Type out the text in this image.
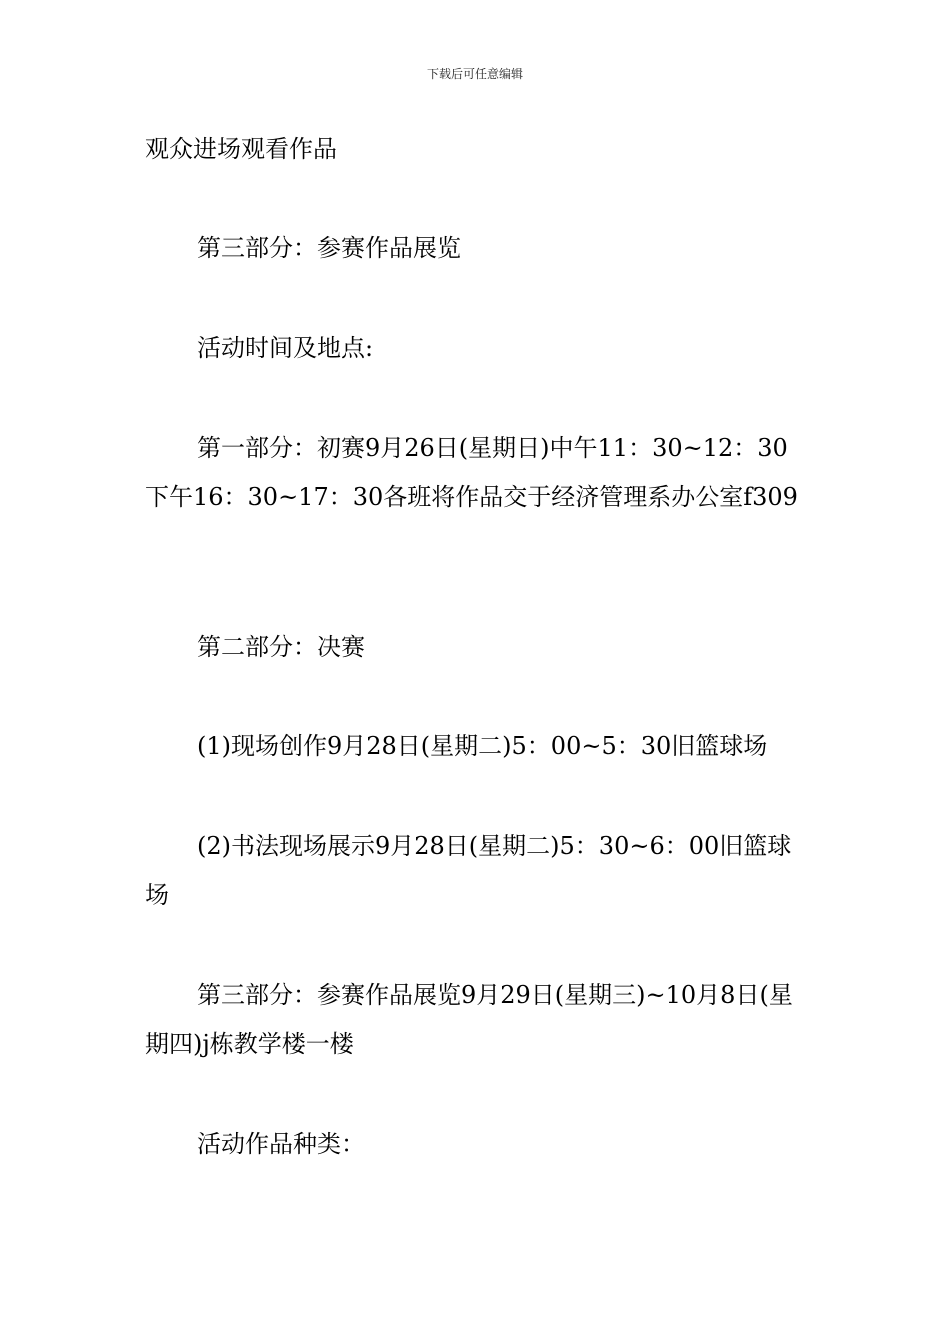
下载后可任意编辑

观众进场观看作品

第三部分：参赛作品展览

活动时间及地点:

第一部分：初赛9月26日(星期日)中午11：30~12：30下午16：30~17：30各班将作品交于经济管理系办公室f309

第二部分：决赛

(1)现场创作9月28日(星期二)5：00~5：30旧篮球场

(2)书法现场展示9月28日(星期二)5：30~6：00旧篮球场

第三部分：参赛作品展览9月29日(星期三)~10月8日(星期四)j栋教学楼一楼

活动作品种类：
